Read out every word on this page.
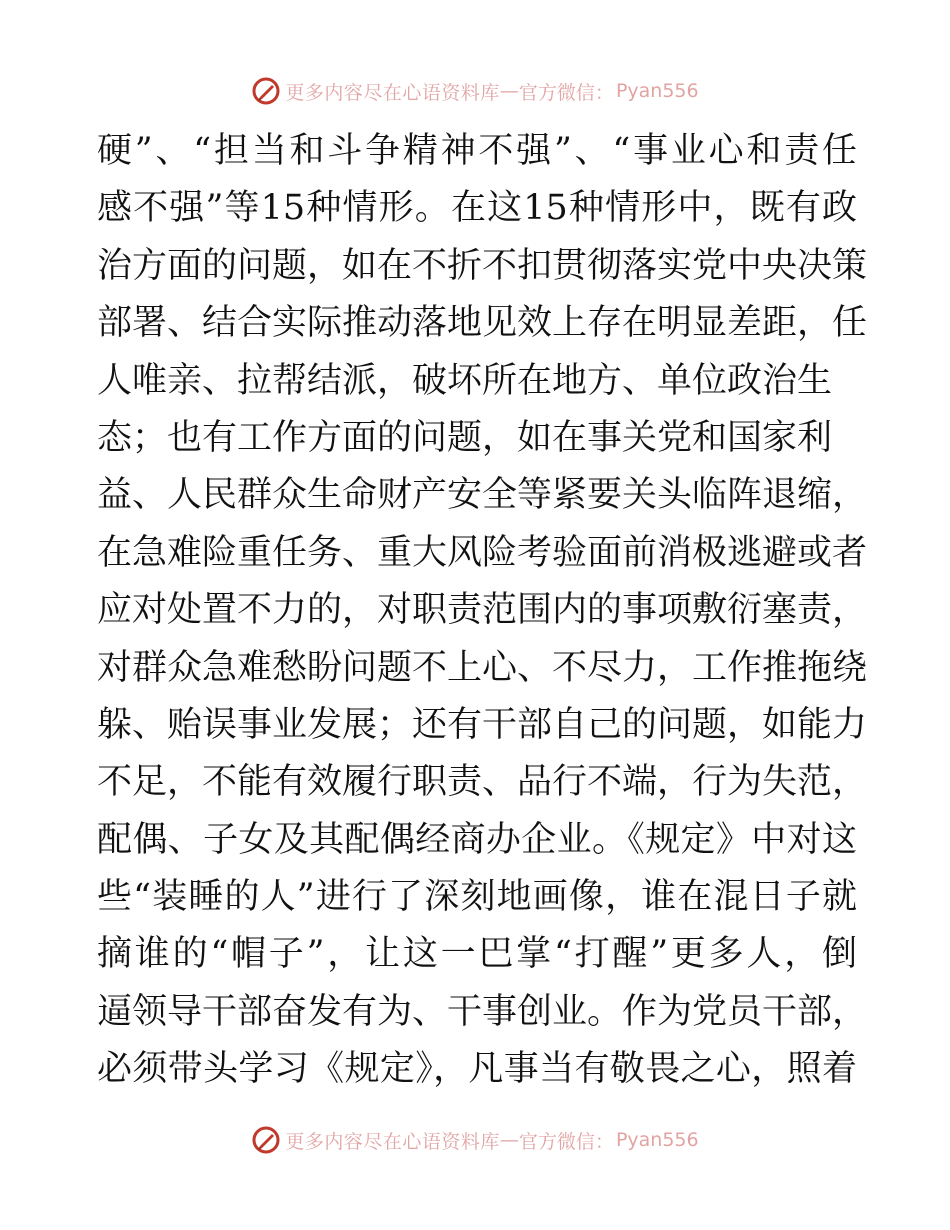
更多内容尽在心语资料库 — 官方微信： Pyan556
硬”、“担当和斗争精神不强”、“事业心和责任
感不强”等15种情形。在这15种情形中，既有政
治方面的问题，如在不折不扣贯彻落实党中央决策
部署、结合实际推动落地见效上存在明显差距，任
人唯亲、拉帮结派，破坏所在地方、单位政治生
态；也有工作方面的问题，如在事关党和国家利
益、人民群众生命财产安全等紧要关头临阵退缩，
在急难险重任务、重大风险考验面前消极逃避或者
应对处置不力的，对职责范围内的事项敷衍塞责，
对群众急难愁盼问题不上心、不尽力，工作推拖绕
躲、贻误事业发展；还有干部自己的问题，如能力
不足，不能有效履行职责、品行不端，行为失范，
配偶、子女及其配偶经商办企业。《规定》中对这
些“装睡的人”进行了深刻地画像，谁在混日子就
摘谁的“帽子”，让这一巴掌“打醒”更多人，倒
逼领导干部奋发有为、干事创业。作为党员干部，
必须带头学习《规定》，凡事当有敬畏之心，照着
更多内容尽在心语资料库 — 官方微信： Pyan556
